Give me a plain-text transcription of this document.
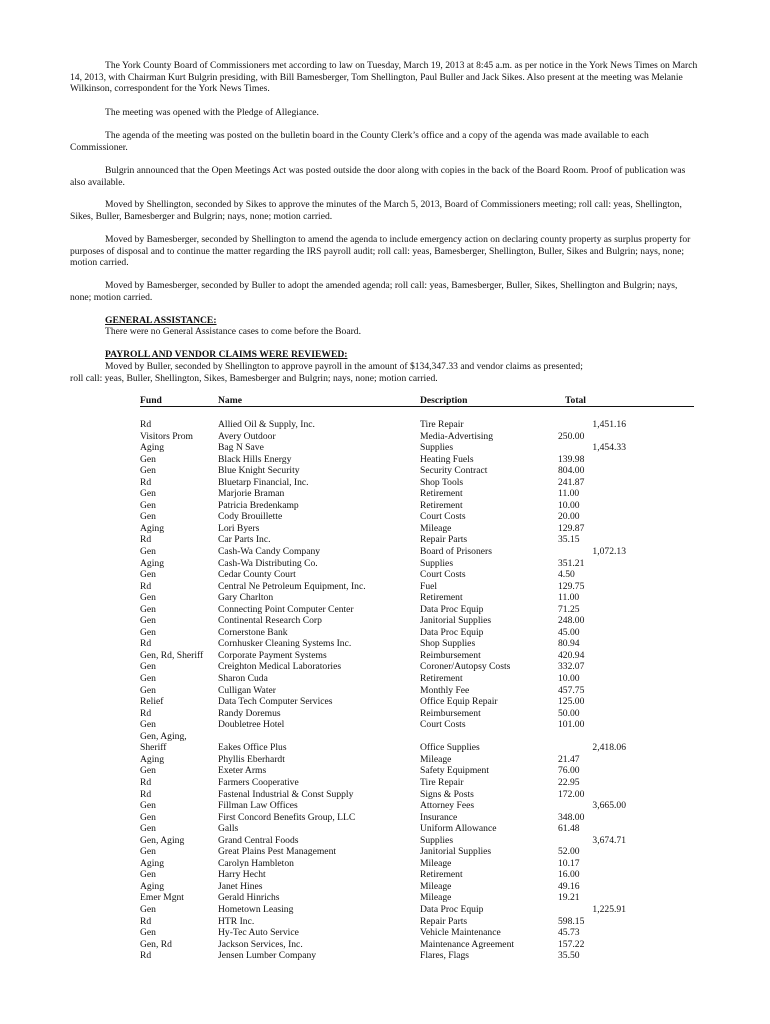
The York County Board of Commissioners met according to law on Tuesday, March 19, 2013 at 8:45 a.m. as per notice in the York News Times on March 14, 2013, with Chairman Kurt Bulgrin presiding, with Bill Bamesberger, Tom Shellington, Paul Buller and Jack Sikes. Also present at the meeting was Melanie Wilkinson, correspondent for the York News Times.

The meeting was opened with the Pledge of Allegiance.

The agenda of the meeting was posted on the bulletin board in the County Clerk’s office and a copy of the agenda was made available to each Commissioner.

Bulgrin announced that the Open Meetings Act was posted outside the door along with copies in the back of the Board Room. Proof of publication was also available.

Moved by Shellington, seconded by Sikes to approve the minutes of the March 5, 2013, Board of Commissioners meeting; roll call: yeas, Shellington, Sikes, Buller, Bamesberger and Bulgrin; nays, none; motion carried.

Moved by Bamesberger, seconded by Shellington to amend the agenda to include emergency action on declaring county property as surplus property for purposes of disposal and to continue the matter regarding the IRS payroll audit; roll call: yeas, Bamesberger, Shellington, Buller, Sikes and Bulgrin; nays, none; motion carried.

Moved by Bamesberger, seconded by Buller to adopt the amended agenda; roll call: yeas, Bamesberger, Buller, Sikes, Shellington and Bulgrin; nays, none; motion carried.

GENERAL ASSISTANCE:

There were no General Assistance cases to come before the Board.

PAYROLL AND VENDOR CLAIMS WERE REVIEWED:

Moved by Buller, seconded by Shellington to approve payroll in the amount of $134,347.33 and vendor claims as presented;

roll call: yeas, Buller, Shellington, Sikes, Bamesberger and Bulgrin; nays, none; motion carried.

Fund	Name	Description	Total
Rd	Allied Oil & Supply, Inc.	Tire Repair	1,451.16
Visitors Prom	Avery Outdoor	Media-Advertising	250.00
Aging	Bag N Save	Supplies	1,454.33
Gen	Black Hills Energy	Heating Fuels	139.98
Gen	Blue Knight Security	Security Contract	804.00
Rd	Bluetarp Financial, Inc.	Shop Tools	241.87
Gen	Marjorie Braman	Retirement	11.00
Gen	Patricia Bredenkamp	Retirement	10.00
Gen	Cody Brouillette	Court Costs	20.00
Aging	Lori Byers	Mileage	129.87
Rd	Car Parts Inc.	Repair Parts	35.15
Gen	Cash-Wa Candy Company	Board of Prisoners	1,072.13
Aging	Cash-Wa Distributing Co.	Supplies	351.21
Gen	Cedar County Court	Court Costs	4.50
Rd	Central Ne Petroleum Equipment, Inc.	Fuel	129.75
Gen	Gary Charlton	Retirement	11.00
Gen	Connecting Point Computer Center	Data Proc Equip	71.25
Gen	Continental Research Corp	Janitorial Supplies	248.00
Gen	Cornerstone Bank	Data Proc Equip	45.00
Rd	Cornhusker Cleaning Systems Inc.	Shop Supplies	80.94
Gen, Rd, Sheriff	Corporate Payment Systems	Reimbursement	420.94
Gen	Creighton Medical Laboratories	Coroner/Autopsy Costs	332.07
Gen	Sharon Cuda	Retirement	10.00
Gen	Culligan Water	Monthly Fee	457.75
Relief	Data Tech Computer Services	Office Equip Repair	125.00
Rd	Randy Doremus	Reimbursement	50.00
Gen	Doubletree Hotel	Court Costs	101.00
Gen, Aging,
Sheriff	Eakes Office Plus	Office Supplies	2,418.06
Aging	Phyllis Eberhardt	Mileage	21.47
Gen	Exeter Arms	Safety Equipment	76.00
Rd	Farmers Cooperative	Tire Repair	22.95
Rd	Fastenal Industrial & Const Supply	Signs & Posts	172.00
Gen	Fillman Law Offices	Attorney Fees	3,665.00
Gen	First Concord Benefits Group, LLC	Insurance	348.00
Gen	Galls	Uniform Allowance	61.48
Gen, Aging	Grand Central Foods	Supplies	3,674.71
Gen	Great Plains Pest Management	Janitorial Supplies	52.00
Aging	Carolyn Hambleton	Mileage	10.17
Gen	Harry Hecht	Retirement	16.00
Aging	Janet Hines	Mileage	49.16
Emer Mgnt	Gerald Hinrichs	Mileage	19.21
Gen	Hometown Leasing	Data Proc Equip	1,225.91
Rd	HTR Inc.	Repair Parts	598.15
Gen	Hy-Tec Auto Service	Vehicle Maintenance	45.73
Gen, Rd	Jackson Services, Inc.	Maintenance Agreement	157.22
Rd	Jensen Lumber Company	Flares, Flags	35.50
